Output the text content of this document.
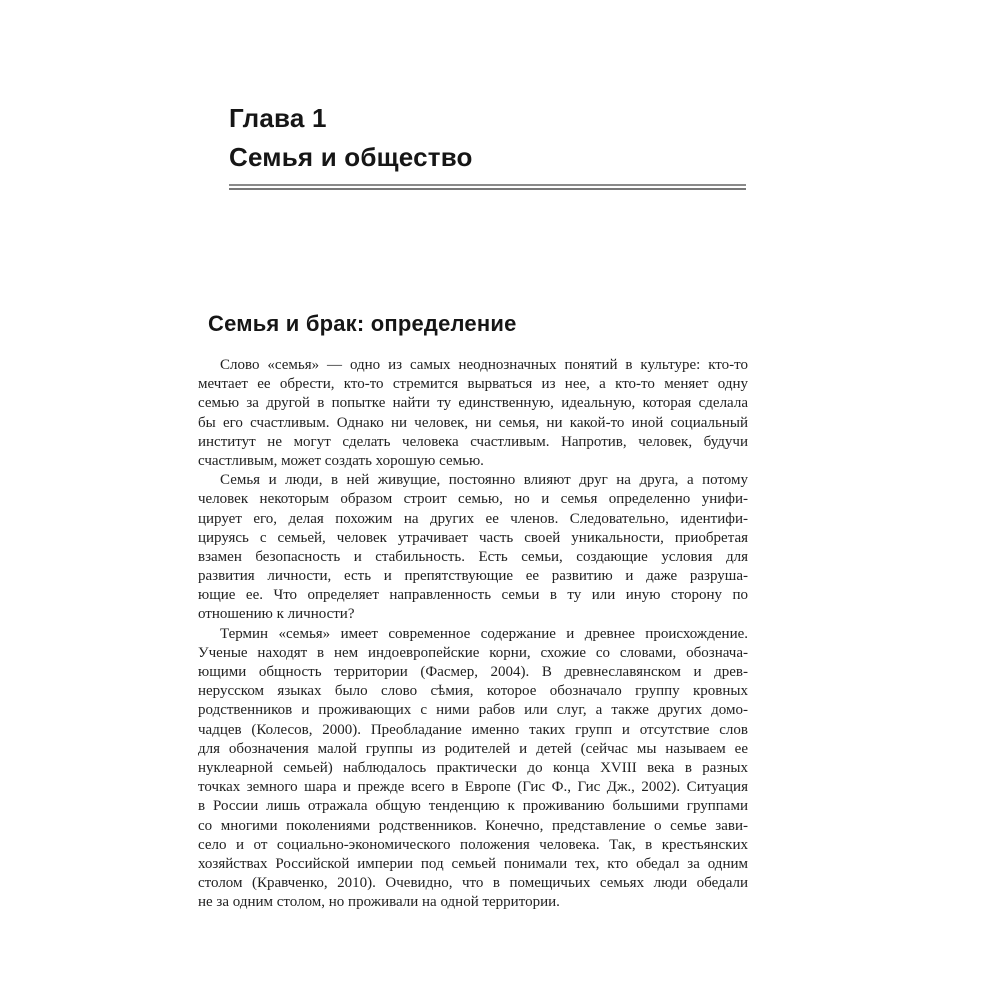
Глава 1
Семья и общество
Семья и брак: определение
Слово «семья» — одно из самых неоднозначных понятий в культуре: кто-то
мечтает ее обрести, кто-то стремится вырваться из нее, а кто-то меняет одну
семью за другой в попытке найти ту единственную, идеальную, которая сделала
бы его счастливым. Однако ни человек, ни семья, ни какой-то иной социальный
институт не могут сделать человека счастливым. Напротив, человек, будучи
счастливым, может создать хорошую семью.
Семья и люди, в ней живущие, постоянно влияют друг на друга, а потому
человек некоторым образом строит семью, но и семья определенно унифи-
цирует его, делая похожим на других ее членов. Следовательно, идентифи-
цируясь с семьей, человек утрачивает часть своей уникальности, приобретая
взамен безопасность и стабильность. Есть семьи, создающие условия для
развития личности, есть и препятствующие ее развитию и даже разруша-
ющие ее. Что определяет направленность семьи в ту или иную сторону по
отношению к личности?
Термин «семья» имеет современное содержание и древнее происхождение.
Ученые находят в нем индоевропейские корни, схожие со словами, обознача-
ющими общность территории (Фасмер, 2004). В древнеславянском и древ-
нерусском языках было слово сѣмия, которое обозначало группу кровных
родственников и проживающих с ними рабов или слуг, а также других домо-
чадцев (Колесов, 2000). Преобладание именно таких групп и отсутствие слов
для обозначения малой группы из родителей и детей (сейчас мы называем ее
нуклеарной семьей) наблюдалось практически до конца XVIII века в разных
точках земного шара и прежде всего в Европе (Гис Ф., Гис Дж., 2002). Ситуация
в России лишь отражала общую тенденцию к проживанию большими группами
со многими поколениями родственников. Конечно, представление о семье зави-
село и от социально-экономического положения человека. Так, в крестьянских
хозяйствах Российской империи под семьей понимали тех, кто обедал за одним
столом (Кравченко, 2010). Очевидно, что в помещичьих семьях люди обедали
не за одним столом, но проживали на одной территории.
